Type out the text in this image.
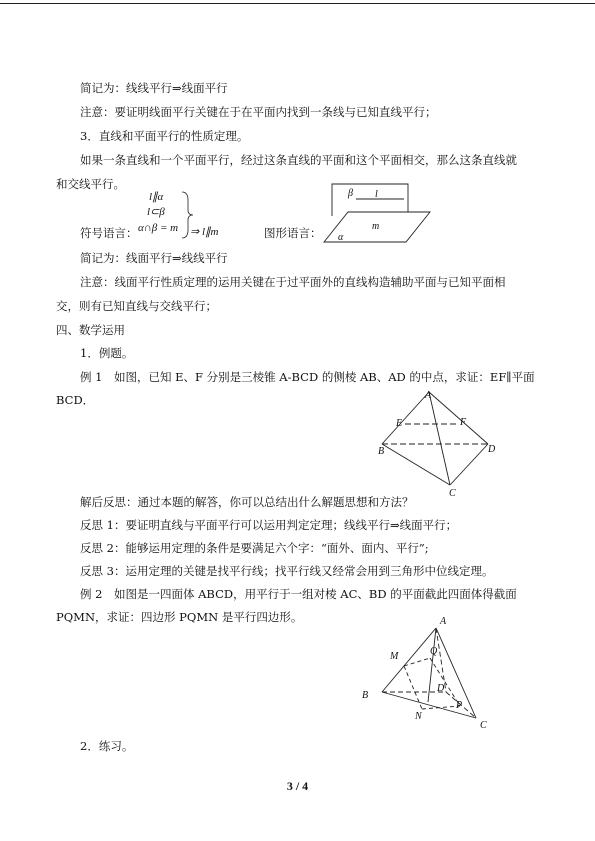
简记为：线线平行⇒线面平行
注意：要证明线面平行关键在于在平面内找到一条线与已知直线平行；
3．直线和平面平行的性质定理。
如果一条直线和一个平面平行，经过这条直线的平面和这个平面相交，那么这条直线就
和交线平行。
符号语言：
l∥α
l⊂β
α∩β = m ⇒ l∥m	图形语言：
β l
m
α
简记为：线面平行⇒线线平行
注意：线面平行性质定理的运用关键在于过平面外的直线构造辅助平面与已知平面相
交，则有已知直线与交线平行；
四、数学运用
1．例题。
例 1　如图，已知 E、F 分别是三棱锥 A-BCD 的侧棱 AB、AD 的中点，求证：EF∥平面
BCD．	A
E	F
B	D
C
解后反思：通过本题的解答，你可以总结出什么解题思想和方法？
反思 1：要证明直线与平面平行可以运用判定定理；线线平行⇒线面平行；
反思 2：能够运用定理的条件是要满足六个字：“面外、面内、平行”;
反思 3：运用定理的关键是找平行线；找平行线又经常会用到三角形中位线定理。
例 2　如图是一四面体 ABCD，用平行于一组对棱 AC、BD 的平面截此四面体得截面
PQMN，求证：四边形 PQMN 是平行四边形。	A
M	Q
D
B
N
P
C
2．练习。
3 / 4
